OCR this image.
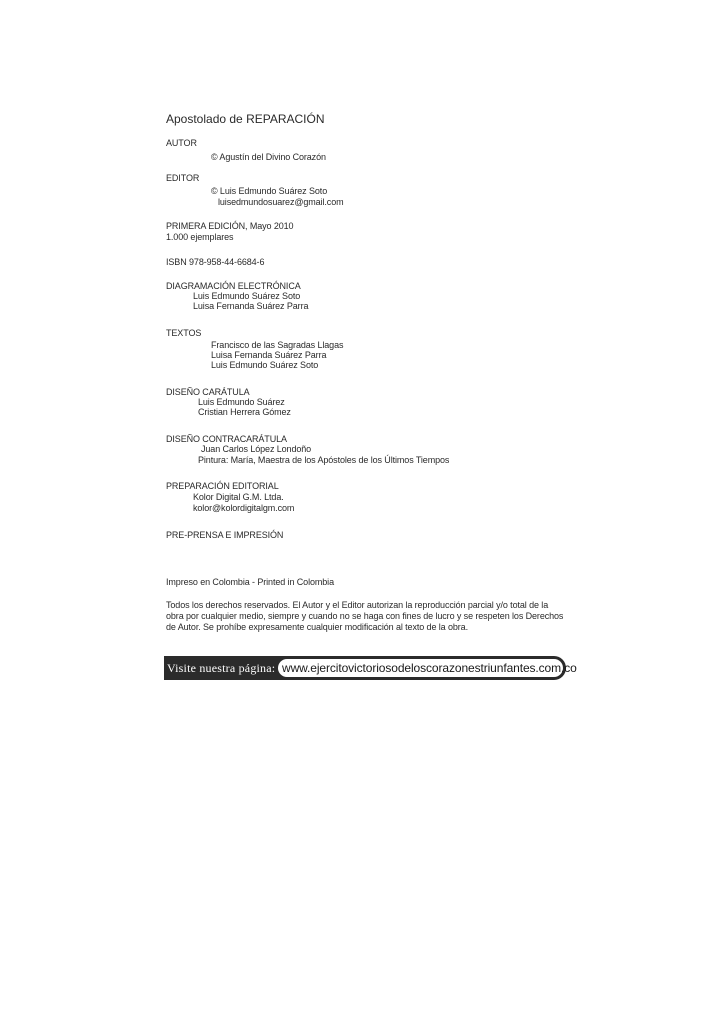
Apostolado de REPARACIÓN
AUTOR
© Agustín del Divino Corazón
EDITOR
© Luis Edmundo Suárez Soto
luisedmundosuarez@gmail.com
PRIMERA EDICIÓN, Mayo 2010
1.000 ejemplares
ISBN 978-958-44-6684-6
DIAGRAMACIÓN ELECTRÓNICA
Luis Edmundo Suárez Soto
Luisa Fernanda Suárez Parra
TEXTOS
Francisco de las Sagradas Llagas
Luisa Fernanda Suárez Parra
Luis Edmundo Suárez Soto
DISEÑO CARÁTULA
Luis Edmundo Suárez
Cristian Herrera Gómez
DISEÑO CONTRACARÁTULA
Juan Carlos López Londoño
Pintura: María, Maestra de los Apóstoles de los Últimos Tiempos
PREPARACIÓN EDITORIAL
Kolor Digital G.M. Ltda.
kolor@kolordigitalgm.com
PRE-PRENSA E IMPRESIÓN
Impreso en Colombia - Printed in Colombia
Todos los derechos reservados. El Autor y el Editor autorizan la reproducción parcial y/o total de la obra por cualquier medio, siempre y cuando no se haga con fines de lucro y se respeten los Derechos de Autor. Se prohíbe expresamente cualquier modificación al texto de la obra.
Visite nuestra página: www.ejercitovictoriosodeloscorazonestriunfantes.com.co
